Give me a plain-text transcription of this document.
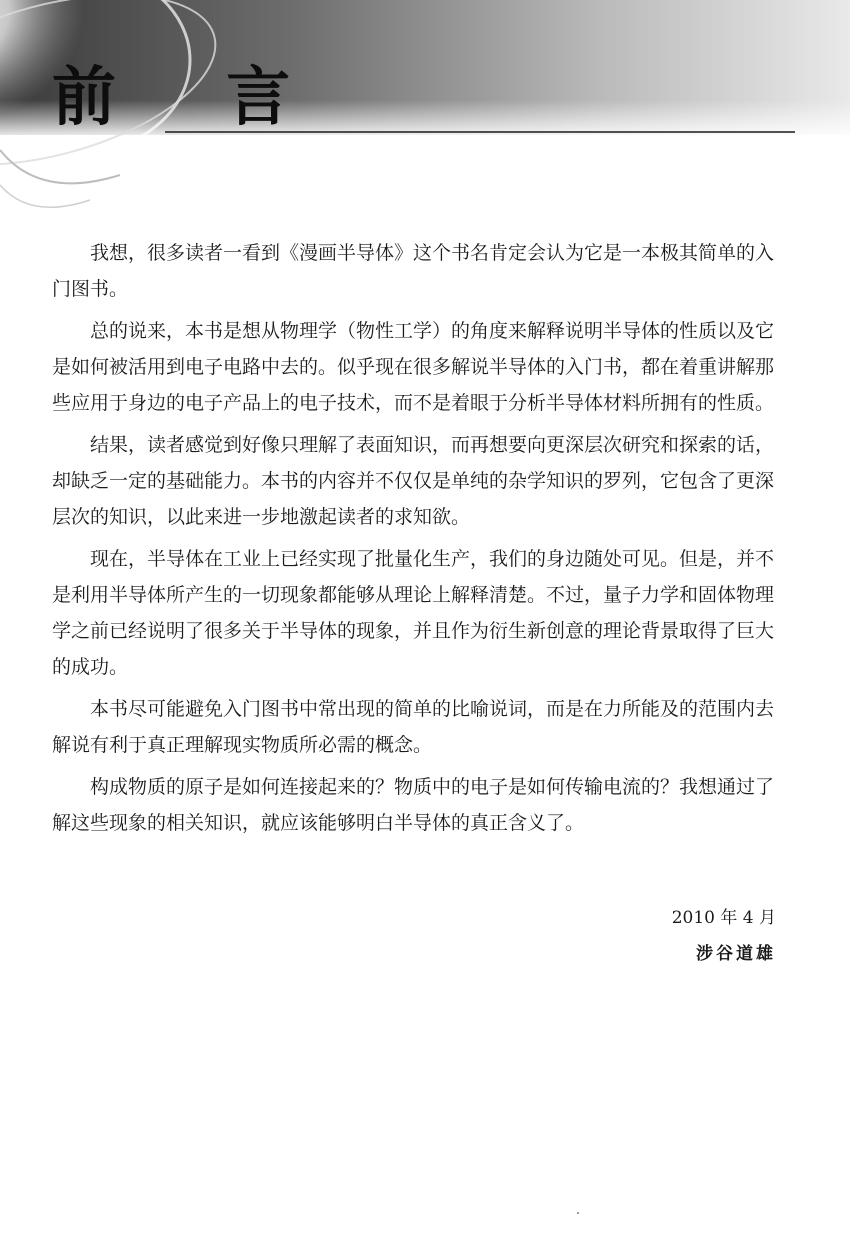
前 言

我想，很多读者一看到《漫画半导体》这个书名肯定会认为它是一本极其简单的入门图书。

总的说来，本书是想从物理学（物性工学）的角度来解释说明半导体的性质以及它是如何被活用到电子电路中去的。似乎现在很多解说半导体的入门书，都在着重讲解那些应用于身边的电子产品上的电子技术，而不是着眼于分析半导体材料所拥有的性质。

结果，读者感觉到好像只理解了表面知识，而再想要向更深层次研究和探索的话，却缺乏一定的基础能力。本书的内容并不仅仅是单纯的杂学知识的罗列，它包含了更深层次的知识，以此来进一步地激起读者的求知欲。

现在，半导体在工业上已经实现了批量化生产，我们的身边随处可见。但是，并不是利用半导体所产生的一切现象都能够从理论上解释清楚。不过，量子力学和固体物理学之前已经说明了很多关于半导体的现象，并且作为衍生新创意的理论背景取得了巨大的成功。

本书尽可能避免入门图书中常出现的简单的比喻说词，而是在力所能及的范围内去解说有利于真正理解现实物质所必需的概念。

构成物质的原子是如何连接起来的？物质中的电子是如何传输电流的？我想通过了解这些现象的相关知识，就应该能够明白半导体的真正含义了。

2010 年 4 月
涉谷道雄
